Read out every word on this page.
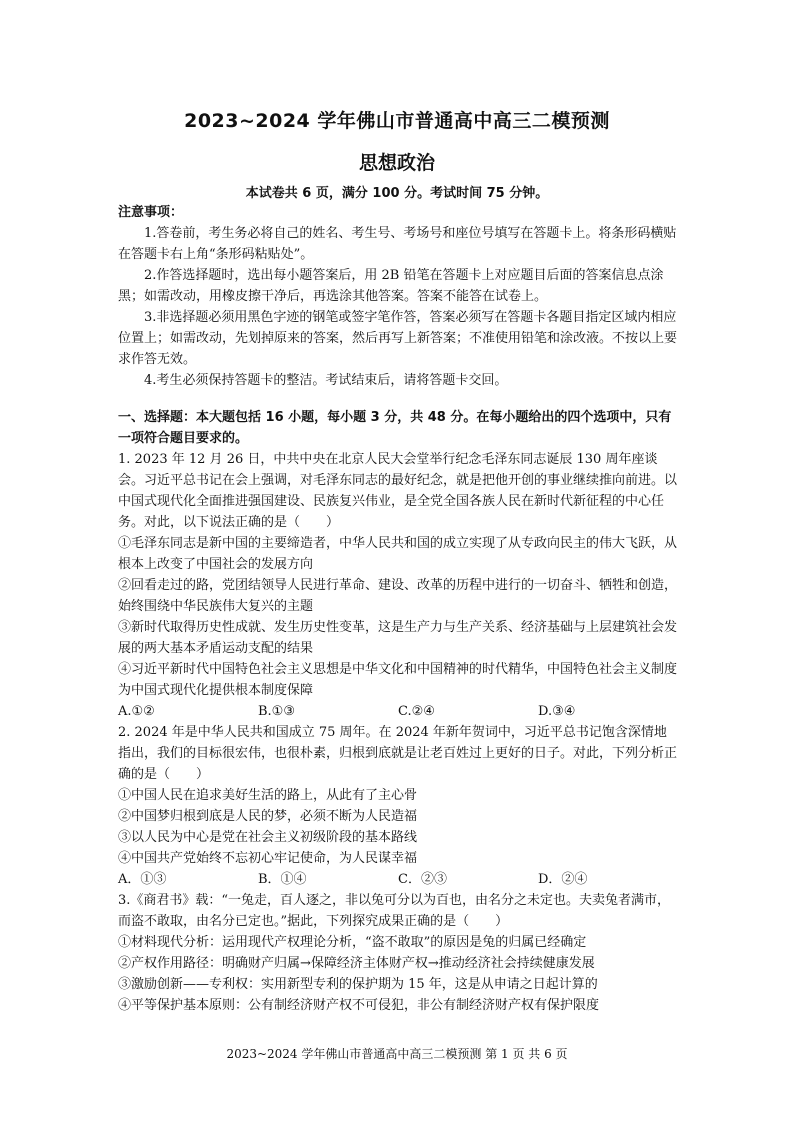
2023~2024 学年佛山市普通高中高三二模预测
思想政治
本试卷共 6 页，满分 100 分。考试时间 75 分钟。

注意事项：

1.答卷前，考生务必将自己的姓名、考生号、考场号和座位号填写在答题卡上。将条形码横贴在答题卡右上角“条形码粘贴处”。

2.作答选择题时，选出每小题答案后，用 2B 铅笔在答题卡上对应题目后面的答案信息点涂黑；如需改动，用橡皮擦干净后，再选涂其他答案。答案不能答在试卷上。

3.非选择题必须用黑色字迹的钢笔或签字笔作答，答案必须写在答题卡各题目指定区域内相应位置上；如需改动，先划掉原来的答案，然后再写上新答案；不准使用铅笔和涂改液。不按以上要求作答无效。

4.考生必须保持答题卡的整洁。考试结束后，请将答题卡交回。

一、选择题：本大题包括 16 小题，每小题 3 分，共 48 分。在每小题给出的四个选项中，只有一项符合题目要求的。

1. 2023 年 12 月 26 日，中共中央在北京人民大会堂举行纪念毛泽东同志诞辰 130 周年座谈会。习近平总书记在会上强调，对毛泽东同志的最好纪念，就是把他开创的事业继续推向前进。以中国式现代化全面推进强国建设、民族复兴伟业，是全党全国各族人民在新时代新征程的中心任务。对此，以下说法正确的是（　　）

①毛泽东同志是新中国的主要缔造者，中华人民共和国的成立实现了从专政向民主的伟大飞跃，从根本上改变了中国社会的发展方向

②回看走过的路，党团结领导人民进行革命、建设、改革的历程中进行的一切奋斗、牺牲和创造，始终围绕中华民族伟大复兴的主题

③新时代取得历史性成就、发生历史性变革，这是生产力与生产关系、经济基础与上层建筑社会发展的两大基本矛盾运动支配的结果

④习近平新时代中国特色社会主义思想是中华文化和中国精神的时代精华，中国特色社会主义制度为中国式现代化提供根本制度保障

A.①②	B.①③	C.②④	D.③④

2. 2024 年是中华人民共和国成立 75 周年。在 2024 年新年贺词中，习近平总书记饱含深情地指出，我们的目标很宏伟，也很朴素，归根到底就是让老百姓过上更好的日子。对此，下列分析正确的是（　　）

①中国人民在追求美好生活的路上，从此有了主心骨

②中国梦归根到底是人民的梦，必须不断为人民造福

③以人民为中心是党在社会主义初级阶段的基本路线

④中国共产党始终不忘初心牢记使命，为人民谋幸福

A．①③	B．①④	C．②③	D．②④

3.《商君书》载：“一兔走，百人逐之，非以兔可分以为百也，由名分之未定也。夫卖兔者满市，而盗不敢取，由名分已定也。”据此，下列探究成果正确的是（　　）

①材料现代分析：运用现代产权理论分析，“盗不敢取”的原因是兔的归属已经确定

②产权作用路径：明确财产归属→保障经济主体财产权→推动经济社会持续健康发展

③激励创新——专利权：实用新型专利的保护期为 15 年，这是从申请之日起计算的

④平等保护基本原则：公有制经济财产权不可侵犯，非公有制经济财产权有保护限度

2023~2024 学年佛山市普通高中高三二模预测 第 1 页 共 6 页
